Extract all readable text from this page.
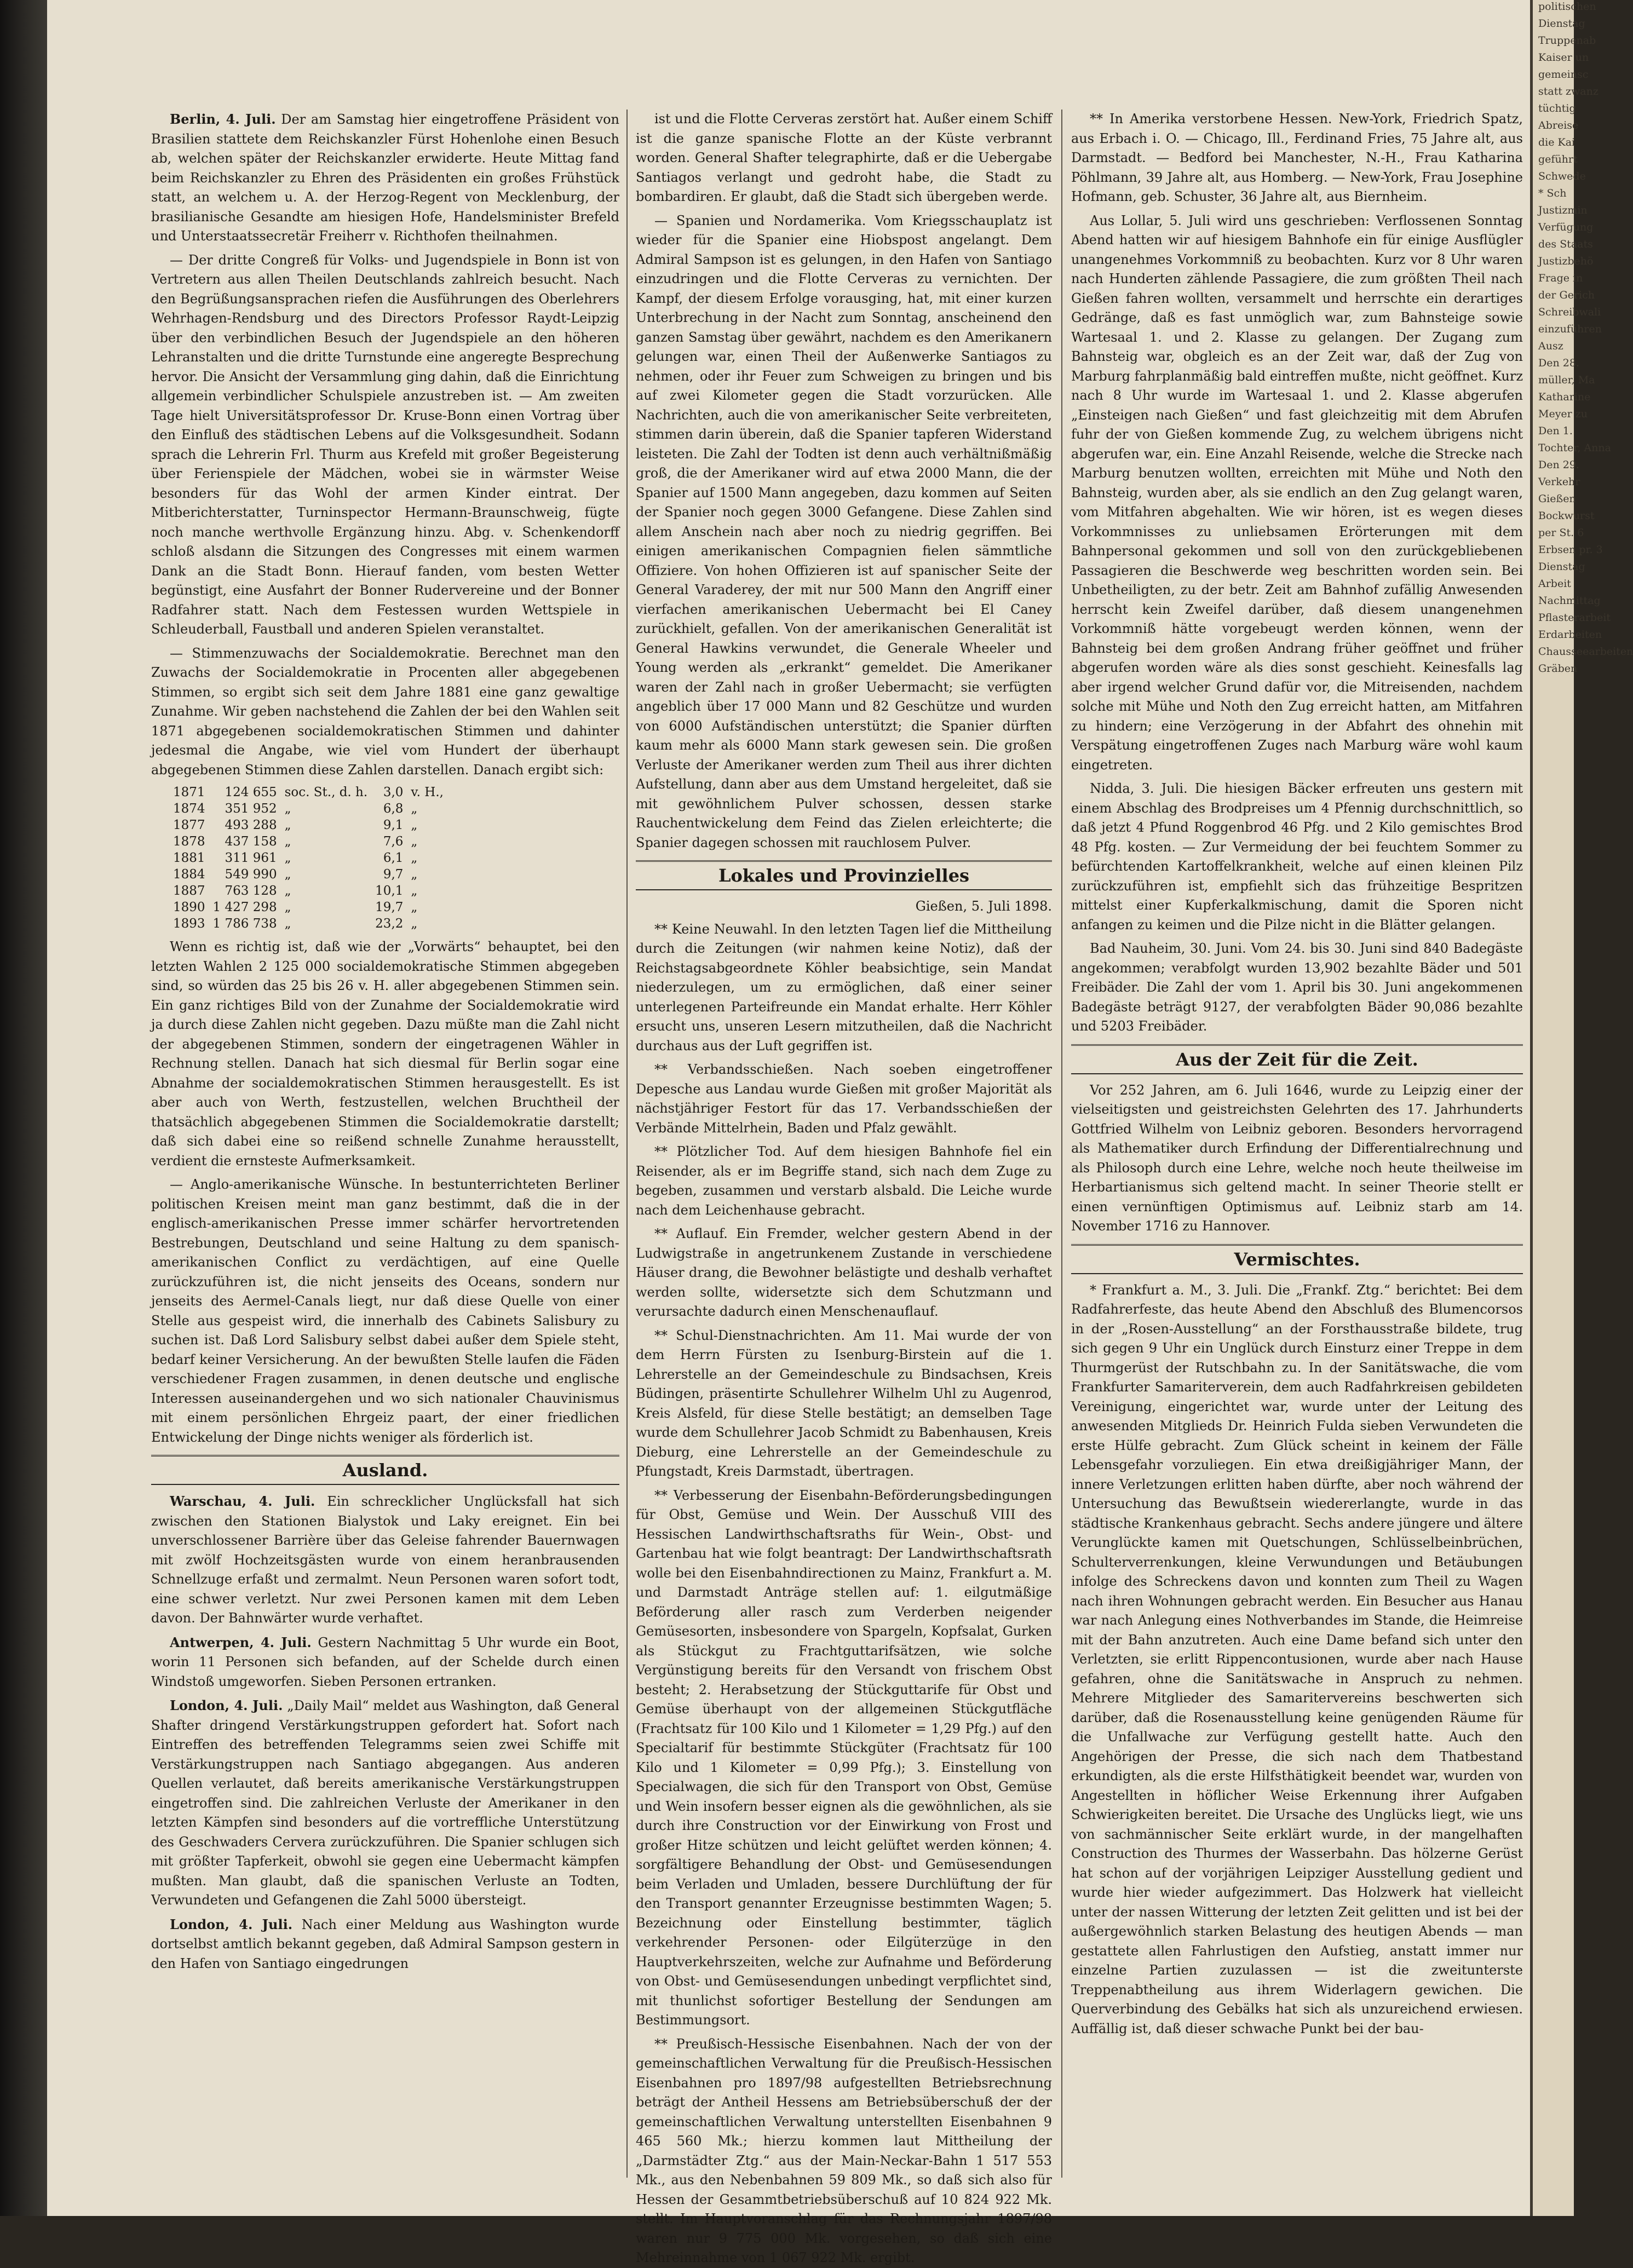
Berlin, 4. Juli. Der am Samstag hier eingetroffene Präsident von Brasilien stattete dem Reichskanzler Fürst Hohenlohe einen Besuch ab, welchen später der Reichskanzler erwiderte. Heute Mittag fand beim Reichskanzler zu Ehren des Präsidenten ein großes Frühstück statt, an welchem u. A. der Herzog-Regent von Mecklenburg, der brasilianische Gesandte am hiesigen Hofe, Handelsminister Brefeld und Unterstaatssecretär Freiherr v. Richthofen theilnahmen.

— Der dritte Congreß für Volks- und Jugendspiele in Bonn ist von Vertretern aus allen Theilen Deutschlands zahlreich besucht. Nach den Begrüßungsansprachen riefen die Ausführungen des Oberlehrers Wehrhagen-Rendsburg und des Directors Professor Raydt-Leipzig über den verbindlichen Besuch der Jugendspiele an den höheren Lehranstalten und die dritte Turnstunde eine angeregte Besprechung hervor. Die Ansicht der Versammlung ging dahin, daß die Einrichtung allgemein verbindlicher Schulspiele anzustreben ist. — Am zweiten Tage hielt Universitätsprofessor Dr. Kruse-Bonn einen Vortrag über den Einfluß des städtischen Lebens auf die Volksgesundheit. Sodann sprach die Lehrerin Frl. Thurm aus Krefeld mit großer Begeisterung über Ferienspiele der Mädchen, wobei sie in wärmster Weise besonders für das Wohl der armen Kinder eintrat. Der Mitberichterstatter, Turninspector Hermann-Braunschweig, fügte noch manche werthvolle Ergänzung hinzu. Abg. v. Schenkendorff schloß alsdann die Sitzungen des Congresses mit einem warmen Dank an die Stadt Bonn. Hierauf fanden, vom besten Wetter begünstigt, eine Ausfahrt der Bonner Rudervereine und der Bonner Radfahrer statt. Nach dem Festessen wurden Wettspiele in Schleuderball, Faustball und anderen Spielen veranstaltet.

— Stimmenzuwachs der Socialdemokratie. Berechnet man den Zuwachs der Socialdemokratie in Procenten aller abgegebenen Stimmen, so ergibt sich seit dem Jahre 1881 eine ganz gewaltige Zunahme. Wir geben nachstehend die Zahlen der bei den Wahlen seit 1871 abgegebenen socialdemokratischen Stimmen und dahinter jedesmal die Angabe, wie viel vom Hundert der überhaupt abgegebenen Stimmen diese Zahlen darstellen. Danach ergibt sich:

1871	124 655	soc. St., d. h.	3,0	v. H.,
1874	351 952	„	6,8	„
1877	493 288	„	9,1	„
1878	437 158	„	7,6	„
1881	311 961	„	6,1	„
1884	549 990	„	9,7	„
1887	763 128	„	10,1	„
1890	1 427 298	„	19,7	„
1893	1 786 738	„	23,2	„

Wenn es richtig ist, daß wie der „Vorwärts“ behauptet, bei den letzten Wahlen 2 125 000 socialdemokratische Stimmen abgegeben sind, so würden das 25 bis 26 v. H. aller abgegebenen Stimmen sein. Ein ganz richtiges Bild von der Zunahme der Socialdemokratie wird ja durch diese Zahlen nicht gegeben. Dazu müßte man die Zahl nicht der abgegebenen Stimmen, sondern der eingetragenen Wähler in Rechnung stellen. Danach hat sich diesmal für Berlin sogar eine Abnahme der socialdemokratischen Stimmen herausgestellt. Es ist aber auch von Werth, festzustellen, welchen Bruchtheil der thatsächlich abgegebenen Stimmen die Socialdemokratie darstellt; daß sich dabei eine so reißend schnelle Zunahme herausstellt, verdient die ernsteste Aufmerksamkeit.

— Anglo-amerikanische Wünsche. In bestunterrichteten Berliner politischen Kreisen meint man ganz bestimmt, daß die in der englisch-amerikanischen Presse immer schärfer hervortretenden Bestrebungen, Deutschland und seine Haltung zu dem spanisch-amerikanischen Conflict zu verdächtigen, auf eine Quelle zurückzuführen ist, die nicht jenseits des Oceans, sondern nur jenseits des Aermel-Canals liegt, nur daß diese Quelle von einer Stelle aus gespeist wird, die innerhalb des Cabinets Salisbury zu suchen ist. Daß Lord Salisbury selbst dabei außer dem Spiele steht, bedarf keiner Versicherung. An der bewußten Stelle laufen die Fäden verschiedener Fragen zusammen, in denen deutsche und englische Interessen auseinandergehen und wo sich nationaler Chauvinismus mit einem persönlichen Ehrgeiz paart, der einer friedlichen Entwickelung der Dinge nichts weniger als förderlich ist.

Ausland.

Warschau, 4. Juli. Ein schrecklicher Unglücksfall hat sich zwischen den Stationen Bialystok und Laky ereignet. Ein bei unverschlossener Barrière über das Geleise fahrender Bauernwagen mit zwölf Hochzeitsgästen wurde von einem heranbrausenden Schnellzuge erfaßt und zermalmt. Neun Personen waren sofort todt, eine schwer verletzt. Nur zwei Personen kamen mit dem Leben davon. Der Bahnwärter wurde verhaftet.

Antwerpen, 4. Juli. Gestern Nachmittag 5 Uhr wurde ein Boot, worin 11 Personen sich befanden, auf der Schelde durch einen Windstoß umgeworfen. Sieben Personen ertranken.

London, 4. Juli. „Daily Mail“ meldet aus Washington, daß General Shafter dringend Verstärkungstruppen gefordert hat. Sofort nach Eintreffen des betreffenden Telegramms seien zwei Schiffe mit Verstärkungstruppen nach Santiago abgegangen. Aus anderen Quellen verlautet, daß bereits amerikanische Verstärkungstruppen eingetroffen sind. Die zahlreichen Verluste der Amerikaner in den letzten Kämpfen sind besonders auf die vortreffliche Unterstützung des Geschwaders Cervera zurückzuführen. Die Spanier schlugen sich mit größter Tapferkeit, obwohl sie gegen eine Uebermacht kämpfen mußten. Man glaubt, daß die spanischen Verluste an Todten, Verwundeten und Gefangenen die Zahl 5000 übersteigt.

London, 4. Juli. Nach einer Meldung aus Washington wurde dortselbst amtlich bekannt gegeben, daß Admiral Sampson gestern in den Hafen von Santiago eingedrungen

ist und die Flotte Cerveras zerstört hat. Außer einem Schiff ist die ganze spanische Flotte an der Küste verbrannt worden. General Shafter telegraphirte, daß er die Uebergabe Santiagos verlangt und gedroht habe, die Stadt zu bombardiren. Er glaubt, daß die Stadt sich übergeben werde.

— Spanien und Nordamerika. Vom Kriegsschauplatz ist wieder für die Spanier eine Hiobspost angelangt. Dem Admiral Sampson ist es gelungen, in den Hafen von Santiago einzudringen und die Flotte Cerveras zu vernichten. Der Kampf, der diesem Erfolge vorausging, hat, mit einer kurzen Unterbrechung in der Nacht zum Sonntag, anscheinend den ganzen Samstag über gewährt, nachdem es den Amerikanern gelungen war, einen Theil der Außenwerke Santiagos zu nehmen, oder ihr Feuer zum Schweigen zu bringen und bis auf zwei Kilometer gegen die Stadt vorzurücken. Alle Nachrichten, auch die von amerikanischer Seite verbreiteten, stimmen darin überein, daß die Spanier tapferen Widerstand leisteten. Die Zahl der Todten ist denn auch verhältnißmäßig groß, die der Amerikaner wird auf etwa 2000 Mann, die der Spanier auf 1500 Mann angegeben, dazu kommen auf Seiten der Spanier noch gegen 3000 Gefangene. Diese Zahlen sind allem Anschein nach aber noch zu niedrig gegriffen. Bei einigen amerikanischen Compagnien fielen sämmtliche Offiziere. Von hohen Offizieren ist auf spanischer Seite der General Varaderey, der mit nur 500 Mann den Angriff einer vierfachen amerikanischen Uebermacht bei El Caney zurückhielt, gefallen. Von der amerikanischen Generalität ist General Hawkins verwundet, die Generale Wheeler und Young werden als „erkrankt“ gemeldet. Die Amerikaner waren der Zahl nach in großer Uebermacht; sie verfügten angeblich über 17 000 Mann und 82 Geschütze und wurden von 6000 Aufständischen unterstützt; die Spanier dürften kaum mehr als 6000 Mann stark gewesen sein. Die großen Verluste der Amerikaner werden zum Theil aus ihrer dichten Aufstellung, dann aber aus dem Umstand hergeleitet, daß sie mit gewöhnlichem Pulver schossen, dessen starke Rauchentwickelung dem Feind das Zielen erleichterte; die Spanier dagegen schossen mit rauchlosem Pulver.

Lokales und Provinzielles

Gießen, 5. Juli 1898.

** Keine Neuwahl. In den letzten Tagen lief die Mittheilung durch die Zeitungen (wir nahmen keine Notiz), daß der Reichstagsabgeordnete Köhler beabsichtige, sein Mandat niederzulegen, um zu ermöglichen, daß einer seiner unterlegenen Parteifreunde ein Mandat erhalte. Herr Köhler ersucht uns, unseren Lesern mitzutheilen, daß die Nachricht durchaus aus der Luft gegriffen ist.

** Verbandsschießen. Nach soeben eingetroffener Depesche aus Landau wurde Gießen mit großer Majorität als nächstjähriger Festort für das 17. Verbandsschießen der Verbände Mittelrhein, Baden und Pfalz gewählt.

** Plötzlicher Tod. Auf dem hiesigen Bahnhofe fiel ein Reisender, als er im Begriffe stand, sich nach dem Zuge zu begeben, zusammen und verstarb alsbald. Die Leiche wurde nach dem Leichenhause gebracht.

** Auflauf. Ein Fremder, welcher gestern Abend in der Ludwigstraße in angetrunkenem Zustande in verschiedene Häuser drang, die Bewohner belästigte und deshalb verhaftet werden sollte, widersetzte sich dem Schutzmann und verursachte dadurch einen Menschenauflauf.

** Schul-Dienstnachrichten. Am 11. Mai wurde der von dem Herrn Fürsten zu Isenburg-Birstein auf die 1. Lehrerstelle an der Gemeindeschule zu Bindsachsen, Kreis Büdingen, präsentirte Schullehrer Wilhelm Uhl zu Augenrod, Kreis Alsfeld, für diese Stelle bestätigt; an demselben Tage wurde dem Schullehrer Jacob Schmidt zu Babenhausen, Kreis Dieburg, eine Lehrerstelle an der Gemeindeschule zu Pfungstadt, Kreis Darmstadt, übertragen.

** Verbesserung der Eisenbahn-Beförderungsbedingungen für Obst, Gemüse und Wein. Der Ausschuß VIII des Hessischen Landwirthschaftsraths für Wein-, Obst- und Gartenbau hat wie folgt beantragt: Der Landwirthschaftsrath wolle bei den Eisenbahndirectionen zu Mainz, Frankfurt a. M. und Darmstadt Anträge stellen auf: 1. eilgutmäßige Beförderung aller rasch zum Verderben neigender Gemüsesorten, insbesondere von Spargeln, Kopfsalat, Gurken als Stückgut zu Frachtguttarifsätzen, wie solche Vergünstigung bereits für den Versandt von frischem Obst besteht; 2. Herabsetzung der Stückguttarife für Obst und Gemüse überhaupt von der allgemeinen Stückgutfläche (Frachtsatz für 100 Kilo und 1 Kilometer = 1,29 Pfg.) auf den Specialtarif für bestimmte Stückgüter (Frachtsatz für 100 Kilo und 1 Kilometer = 0,99 Pfg.); 3. Einstellung von Specialwagen, die sich für den Transport von Obst, Gemüse und Wein insofern besser eignen als die gewöhnlichen, als sie durch ihre Construction vor der Einwirkung von Frost und großer Hitze schützen und leicht gelüftet werden können; 4. sorgfältigere Behandlung der Obst- und Gemüsesendungen beim Verladen und Umladen, bessere Durchlüftung der für den Transport genannter Erzeugnisse bestimmten Wagen; 5. Bezeichnung oder Einstellung bestimmter, täglich verkehrender Personen- oder Eilgüterzüge in den Hauptverkehrszeiten, welche zur Aufnahme und Beförderung von Obst- und Gemüsesendungen unbedingt verpflichtet sind, mit thunlichst sofortiger Bestellung der Sendungen am Bestimmungsort.

** Preußisch-Hessische Eisenbahnen. Nach der von der gemeinschaftlichen Verwaltung für die Preußisch-Hessischen Eisenbahnen pro 1897/98 aufgestellten Betriebsrechnung beträgt der Antheil Hessens am Betriebsüberschuß der der gemeinschaftlichen Verwaltung unterstellten Eisenbahnen 9 465 560 Mk.; hierzu kommen laut Mittheilung der „Darmstädter Ztg.“ aus der Main-Neckar-Bahn 1 517 553 Mk., aus den Nebenbahnen 59 809 Mk., so daß sich also für Hessen der Gesammtbetriebsüberschuß auf 10 824 922 Mk. stellt. Im Hauptvoranschlag für das Rechnungsjahr 1897/98 waren nur 9 775 000 Mk. vorgesehen, so daß sich eine Mehreinnahme von 1 067 922 Mk. ergibt.

** In Amerika verstorbene Hessen. New-York, Friedrich Spatz, aus Erbach i. O. — Chicago, Ill., Ferdinand Fries, 75 Jahre alt, aus Darmstadt. — Bedford bei Manchester, N.-H., Frau Katharina Pöhlmann, 39 Jahre alt, aus Homberg. — New-York, Frau Josephine Hofmann, geb. Schuster, 36 Jahre alt, aus Biernheim.

Aus Lollar, 5. Juli wird uns geschrieben: Verflossenen Sonntag Abend hatten wir auf hiesigem Bahnhofe ein für einige Ausflügler unangenehmes Vorkommniß zu beobachten. Kurz vor 8 Uhr waren nach Hunderten zählende Passagiere, die zum größten Theil nach Gießen fahren wollten, versammelt und herrschte ein derartiges Gedränge, daß es fast unmöglich war, zum Bahnsteige sowie Wartesaal 1. und 2. Klasse zu gelangen. Der Zugang zum Bahnsteig war, obgleich es an der Zeit war, daß der Zug von Marburg fahrplanmäßig bald eintreffen mußte, nicht geöffnet. Kurz nach 8 Uhr wurde im Wartesaal 1. und 2. Klasse abgerufen „Einsteigen nach Gießen“ und fast gleichzeitig mit dem Abrufen fuhr der von Gießen kommende Zug, zu welchem übrigens nicht abgerufen war, ein. Eine Anzahl Reisende, welche die Strecke nach Marburg benutzen wollten, erreichten mit Mühe und Noth den Bahnsteig, wurden aber, als sie endlich an den Zug gelangt waren, vom Mitfahren abgehalten. Wie wir hören, ist es wegen dieses Vorkommnisses zu unliebsamen Erörterungen mit dem Bahnpersonal gekommen und soll von den zurückgebliebenen Passagieren die Beschwerde weg beschritten worden sein. Bei Unbetheiligten, zu der betr. Zeit am Bahnhof zufällig Anwesenden herrscht kein Zweifel darüber, daß diesem unangenehmen Vorkommniß hätte vorgebeugt werden können, wenn der Bahnsteig bei dem großen Andrang früher geöffnet und früher abgerufen worden wäre als dies sonst geschieht. Keinesfalls lag aber irgend welcher Grund dafür vor, die Mitreisenden, nachdem solche mit Mühe und Noth den Zug erreicht hatten, am Mitfahren zu hindern; eine Verzögerung in der Abfahrt des ohnehin mit Verspätung eingetroffenen Zuges nach Marburg wäre wohl kaum eingetreten.

Nidda, 3. Juli. Die hiesigen Bäcker erfreuten uns gestern mit einem Abschlag des Brodpreises um 4 Pfennig durchschnittlich, so daß jetzt 4 Pfund Roggenbrod 46 Pfg. und 2 Kilo gemischtes Brod 48 Pfg. kosten. — Zur Vermeidung der bei feuchtem Sommer zu befürchtenden Kartoffelkrankheit, welche auf einen kleinen Pilz zurückzuführen ist, empfiehlt sich das frühzeitige Bespritzen mittelst einer Kupferkalkmischung, damit die Sporen nicht anfangen zu keimen und die Pilze nicht in die Blätter gelangen.

Bad Nauheim, 30. Juni. Vom 24. bis 30. Juni sind 840 Badegäste angekommen; verabfolgt wurden 13,902 bezahlte Bäder und 501 Freibäder. Die Zahl der vom 1. April bis 30. Juni angekommenen Badegäste beträgt 9127, der verabfolgten Bäder 90,086 bezahlte und 5203 Freibäder.

Aus der Zeit für die Zeit.

Vor 252 Jahren, am 6. Juli 1646, wurde zu Leipzig einer der vielseitigsten und geistreichsten Gelehrten des 17. Jahrhunderts Gottfried Wilhelm von Leibniz geboren. Besonders hervorragend als Mathematiker durch Erfindung der Differentialrechnung und als Philosoph durch eine Lehre, welche noch heute theilweise im Herbartianismus sich geltend macht. In seiner Theorie stellt er einen vernünftigen Optimismus auf. Leibniz starb am 14. November 1716 zu Hannover.

Vermischtes.

* Frankfurt a. M., 3. Juli. Die „Frankf. Ztg.“ berichtet: Bei dem Radfahrerfeste, das heute Abend den Abschluß des Blumencorsos in der „Rosen-Ausstellung“ an der Forsthausstraße bildete, trug sich gegen 9 Uhr ein Unglück durch Einsturz einer Treppe in dem Thurmgerüst der Rutschbahn zu. In der Sanitätswache, die vom Frankfurter Samariterverein, dem auch Radfahrkreisen gebildeten Vereinigung, eingerichtet war, wurde unter der Leitung des anwesenden Mitglieds Dr. Heinrich Fulda sieben Verwundeten die erste Hülfe gebracht. Zum Glück scheint in keinem der Fälle Lebensgefahr vorzuliegen. Ein etwa dreißigjähriger Mann, der innere Verletzungen erlitten haben dürfte, aber noch während der Untersuchung das Bewußtsein wiedererlangte, wurde in das städtische Krankenhaus gebracht. Sechs andere jüngere und ältere Verunglückte kamen mit Quetschungen, Schlüsselbeinbrüchen, Schulterverrenkungen, kleine Verwundungen und Betäubungen infolge des Schreckens davon und konnten zum Theil zu Wagen nach ihren Wohnungen gebracht werden. Ein Besucher aus Hanau war nach Anlegung eines Nothverbandes im Stande, die Heimreise mit der Bahn anzutreten. Auch eine Dame befand sich unter den Verletzten, sie erlitt Rippencontusionen, wurde aber nach Hause gefahren, ohne die Sanitätswache in Anspruch zu nehmen. Mehrere Mitglieder des Samaritervereins beschwerten sich darüber, daß die Rosenausstellung keine genügenden Räume für die Unfallwache zur Verfügung gestellt hatte. Auch den Angehörigen der Presse, die sich nach dem Thatbestand erkundigten, als die erste Hilfsthätigkeit beendet war, wurden von Angestellten in höflicher Weise Erkennung ihrer Aufgaben Schwierigkeiten bereitet. Die Ursache des Unglücks liegt, wie uns von sachmännischer Seite erklärt wurde, in der mangelhaften Construction des Thurmes der Wasserbahn. Das hölzerne Gerüst hat schon auf der vorjährigen Leipziger Ausstellung gedient und wurde hier wieder aufgezimmert. Das Holzwerk hat vielleicht unter der nassen Witterung der letzten Zeit gelitten und ist bei der außergewöhnlich starken Belastung des heutigen Abends — man gestattete allen Fahrlustigen den Aufstieg, anstatt immer nur einzelne Partien zuzulassen — ist die zweitunterste Treppenabtheilung aus ihrem Widerlagern gewichen. Die Querverbindung des Gebälks hat sich als unzureichend erwiesen. Auffällig ist, daß dieser schwache Punkt bei der bau-

politischen
Dienstag
Truppenab
Kaiser un
gemeinsc
statt zwanz
tüchtig
Abreise
die Kai
geführt
Schwede
* Sch
Justizmin
Verfügung
des Staats
Justizbehö
Frage in
der Gerich
Schreibwali
einzuführen
Ausz
Den 28.
müller, Ma
Katharine
Meyer zu
Den 1.
Tochter, Anna
Den 29.
Verkehr
Gießen
Bockwurst
per St. 6
Erbsen pr. 3
Dienstag
Arbeit
Nachmittag
Pflasterarbeit
Erdarbeiten
Chausseearbeiten
Gräben
